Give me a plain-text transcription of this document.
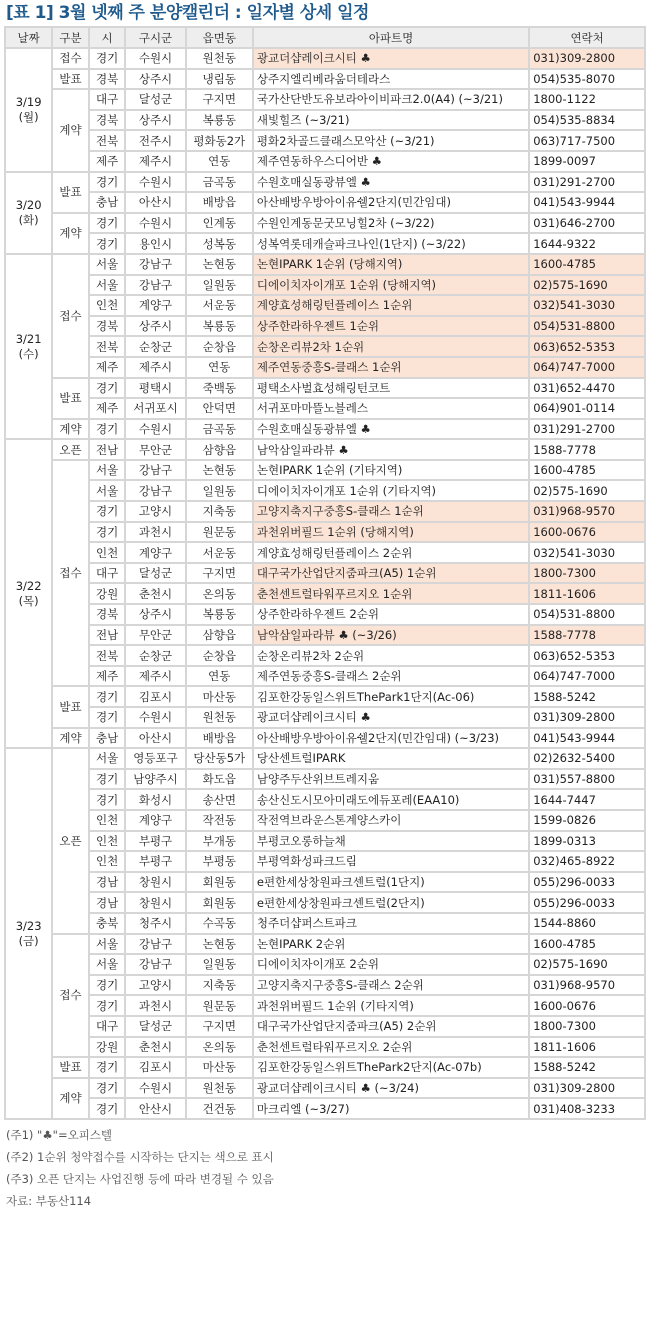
[표 1] 3월 넷째 주 분양캘린더 : 일자별 상세 일정
날짜	구분	시	구시군	읍면동	아파트명	연락처

3/19
(월)	접수	경기	수원시	원천동	광교더샵레이크시티 ♣	031)309-2800
	발표	경북	상주시	냉림동	상주지엘리베라움더테라스	054)535-8070
	계약	대구	달성군	구지면	국가산단반도유보라아이비파크2.0(A4) (~3/21)	1800-1122
		경북	상주시	복룡동	새빛힐즈 (~3/21)	054)535-8834
		전북	전주시	평화동2가	평화2차골드클래스모악산 (~3/21)	063)717-7500
		제주	제주시	연동	제주연동하우스디어반 ♣	1899-0097

3/20
(화)	발표	경기	수원시	금곡동	수원호매실동광뷰엘 ♣	031)291-2700
		충남	아산시	배방읍	아산배방우방아이유쉘2단지(민간임대)	041)543-9944
	계약	경기	수원시	인계동	수원인계동문굿모닝힐2차 (~3/22)	031)646-2700
		경기	용인시	성복동	성복역롯데캐슬파크나인(1단지) (~3/22)	1644-9322

3/21
(수)	접수	서울	강남구	논현동	논현IPARK 1순위 (당해지역)	1600-4785
		서울	강남구	일원동	디에이치자이개포 1순위 (당해지역)	02)575-1690
		인천	계양구	서운동	계양효성해링턴플레이스 1순위	032)541-3030
		경북	상주시	복룡동	상주한라하우젠트 1순위	054)531-8800
		전북	순창군	순창읍	순창온리뷰2차 1순위	063)652-5353
		제주	제주시	연동	제주연동중흥S-클래스 1순위	064)747-7000
	발표	경기	평택시	죽백동	평택소사벌효성해링턴코트	031)652-4470
		제주	서귀포시	안덕면	서귀포마마뜰노블레스	064)901-0114
	계약	경기	수원시	금곡동	수원호매실동광뷰엘 ♣	031)291-2700

3/22
(목)	오픈	전남	무안군	삼향읍	남악삼일파라뷰 ♣	1588-7778
	접수	서울	강남구	논현동	논현IPARK 1순위 (기타지역)	1600-4785
		서울	강남구	일원동	디에이치자이개포 1순위 (기타지역)	02)575-1690
		경기	고양시	지축동	고양지축지구중흥S-클래스 1순위	031)968-9570
		경기	과천시	원문동	과천위버필드 1순위 (당해지역)	1600-0676
		인천	계양구	서운동	계양효성해링턴플레이스 2순위	032)541-3030
		대구	달성군	구지면	대구국가산업단지줌파크(A5) 1순위	1800-7300
		강원	춘천시	온의동	춘천센트럴타워푸르지오 1순위	1811-1606
		경북	상주시	복룡동	상주한라하우젠트 2순위	054)531-8800
		전남	무안군	삼향읍	남악삼일파라뷰 ♣ (~3/26)	1588-7778
		전북	순창군	순창읍	순창온리뷰2차 2순위	063)652-5353
		제주	제주시	연동	제주연동중흥S-클래스 2순위	064)747-7000
	발표	경기	김포시	마산동	김포한강동일스위트ThePark1단지(Ac-06)	1588-5242
		경기	수원시	원천동	광교더샵레이크시티 ♣	031)309-2800
	계약	충남	아산시	배방읍	아산배방우방아이유쉘2단지(민간임대) (~3/23)	041)543-9944

3/23
(금)	오픈	서울	영등포구	당산동5가	당산센트럴IPARK	02)2632-5400
		경기	남양주시	화도읍	남양주두산위브트레지움	031)557-8800
		경기	화성시	송산면	송산신도시모아미래도에듀포레(EAA10)	1644-7447
		인천	계양구	작전동	작전역브라운스톤계양스카이	1599-0826
		인천	부평구	부개동	부평코오롱하늘채	1899-0313
		인천	부평구	부평동	부평역화성파크드림	032)465-8922
		경남	창원시	회원동	e편한세상창원파크센트럴(1단지)	055)296-0033
		경남	창원시	회원동	e편한세상창원파크센트럴(2단지)	055)296-0033
		충북	청주시	수곡동	청주더샵퍼스트파크	1544-8860
	접수	서울	강남구	논현동	논현IPARK 2순위	1600-4785
		서울	강남구	일원동	디에이치자이개포 2순위	02)575-1690
		경기	고양시	지축동	고양지축지구중흥S-클래스 2순위	031)968-9570
		경기	과천시	원문동	과천위버필드 1순위 (기타지역)	1600-0676
		대구	달성군	구지면	대구국가산업단지줌파크(A5) 2순위	1800-7300
		강원	춘천시	온의동	춘천센트럴타워푸르지오 2순위	1811-1606
	발표	경기	김포시	마산동	김포한강동일스위트ThePark2단지(Ac-07b)	1588-5242
	계약	경기	수원시	원천동	광교더샵레이크시티 ♣ (~3/24)	031)309-2800
		경기	안산시	건건동	마크리엘 (~3/27)	031)408-3233
(주1) "♣"=오피스텔
(주2) 1순위 청약접수를 시작하는 단지는 색으로 표시
(주3) 오픈 단지는 사업진행 등에 따라 변경될 수 있음
자료: 부동산114
